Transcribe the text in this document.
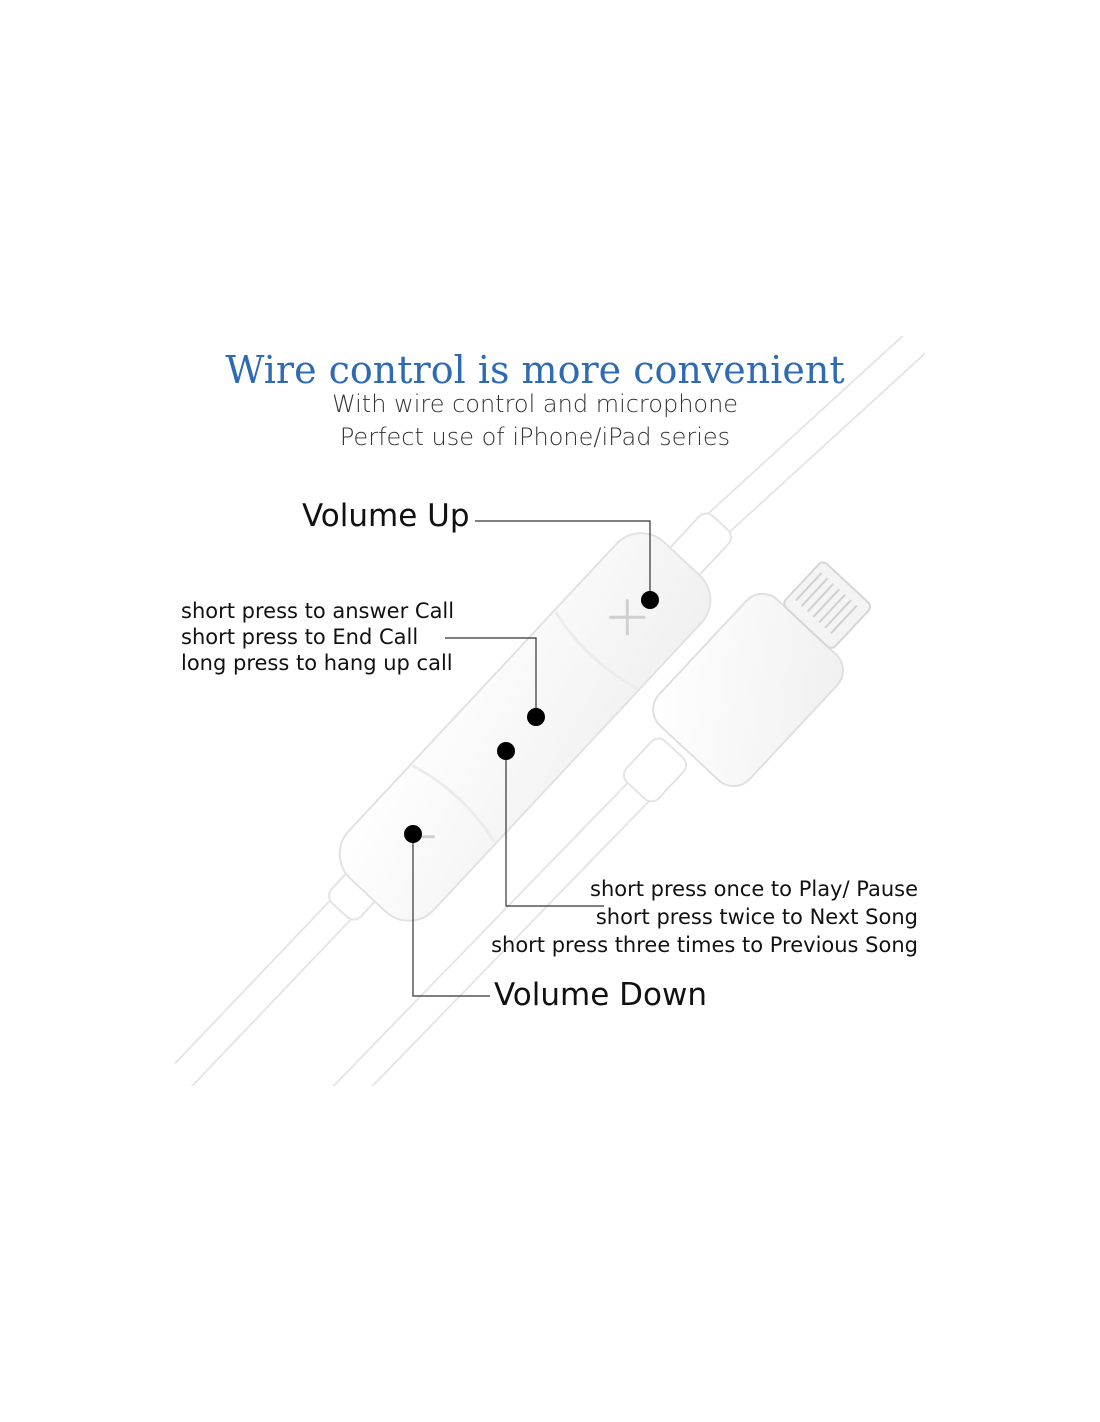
Wire control is more convenient
With wire control and microphone
Perfect use of iPhone/iPad series
Volume Up
short press to answer Call
short press to End Call
long press to hang up call
short press once to Play/ Pause
short press twice to Next Song
short press three times to Previous Song
Volume Down
